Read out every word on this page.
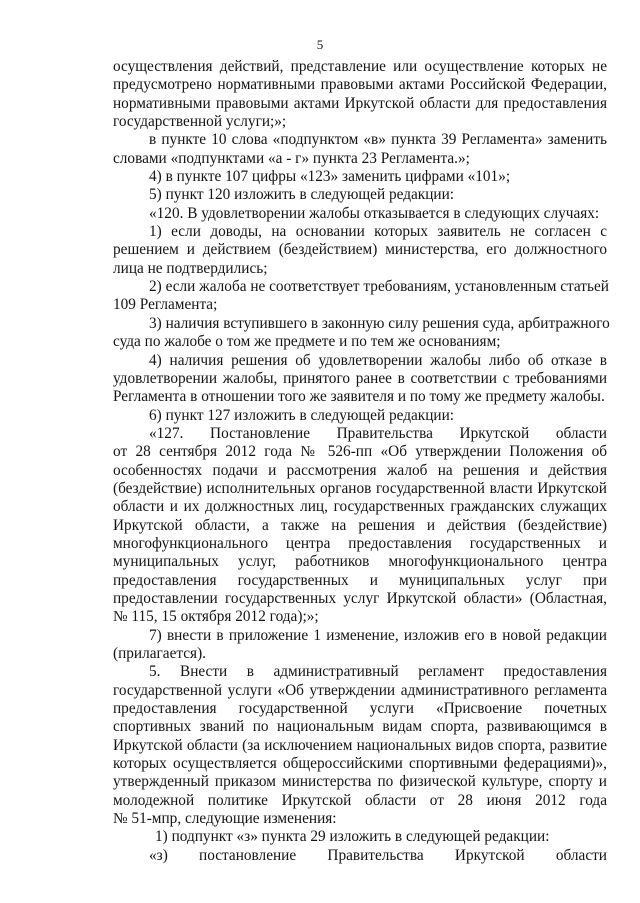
5
осуществления действий, представление или осуществление которых не
предусмотрено нормативными правовыми актами Российской Федерации,
нормативными правовыми актами Иркутской области для предоставления
государственной услуги;»;
в пункте 10 слова «подпунктом «в» пункта 39 Регламента» заменить
словами «подпунктами «а - г» пункта 23 Регламента.»;
4) в пункте 107 цифры «123» заменить цифрами «101»;
5) пункт 120 изложить в следующей редакции:
«120. В удовлетворении жалобы отказывается в следующих случаях:
1) если доводы, на основании которых заявитель не согласен с
решением и действием (бездействием) министерства, его должностного
лица не подтвердились;
2) если жалоба не соответствует требованиям, установленным статьей
109 Регламента;
3) наличия вступившего в законную силу решения суда, арбитражного
суда по жалобе о том же предмете и по тем же основаниям;
4) наличия решения об удовлетворении жалобы либо об отказе в
удовлетворении жалобы, принятого ранее в соответствии с требованиями
Регламента в отношении того же заявителя и по тому же предмету жалобы.
6) пункт 127 изложить в следующей редакции:
«127. Постановление Правительства Иркутской области
от 28 сентября 2012 года № 526-пп «Об утверждении Положения об
особенностях подачи и рассмотрения жалоб на решения и действия
(бездействие) исполнительных органов государственной власти Иркутской
области и их должностных лиц, государственных гражданских служащих
Иркутской области, а также на решения и действия (бездействие)
многофункционального центра предоставления государственных и
муниципальных услуг, работников многофункционального центра
предоставления государственных и муниципальных услуг при
предоставлении государственных услуг Иркутской области» (Областная,
№ 115, 15 октября 2012 года);»;
7) внести в приложение 1 изменение, изложив его в новой редакции
(прилагается).
5. Внести в административный регламент предоставления
государственной услуги «Об утверждении административного регламента
предоставления государственной услуги «Присвоение почетных
спортивных званий по национальным видам спорта, развивающимся в
Иркутской области (за исключением национальных видов спорта, развитие
которых осуществляется общероссийскими спортивными федерациями)»,
утвержденный приказом министерства по физической культуре, спорту и
молодежной политике Иркутской области от 28 июня 2012 года
№ 51-мпр, следующие изменения:
1) подпункт «з» пункта 29 изложить в следующей редакции:
«з) постановление Правительства Иркутской области
